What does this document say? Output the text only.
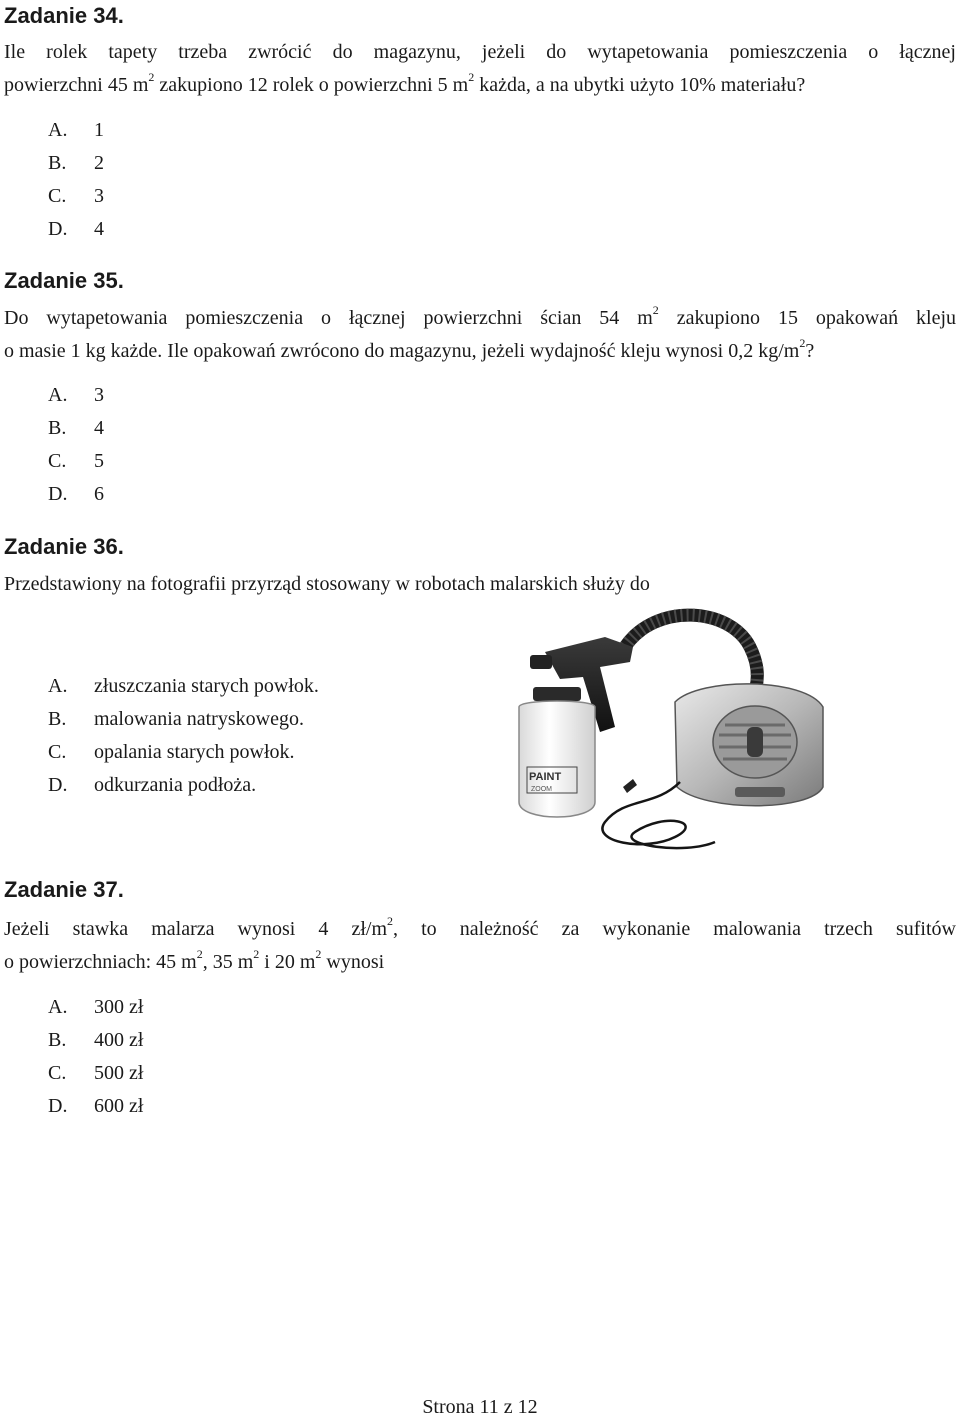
Zadanie 34.
Ile rolek tapety trzeba zwrócić do magazynu, jeżeli do wytapetowania pomieszczenia o łącznej
powierzchni 45 $m^2$ zakupiono 12 rolek o powierzchni 5 $m^2$ każda, a na ubytki użyto 10% materiału?
A. 1
B. 2
C. 3
D. 4
Zadanie 35.
Do wytapetowania pomieszczenia o łącznej powierzchni ścian 54 $m^2$ zakupiono 15 opakowań kleju
o masie 1 kg każde. Ile opakowań zwrócono do magazynu, jeżeli wydajność kleju wynosi 0,2 $kg/m^2$?
A. 3
B. 4
C. 5
D. 6
Zadanie 36.
Przedstawiony na fotografii przyrząd stosowany w robotach malarskich służy do
A. złuszczania starych powłok.
B. malowania natryskowego.
C. opalania starych powłok.
D. odkurzania podłoża.	PAINT
ZOOM
Zadanie 37.
Jeżeli stawka malarza wynosi 4 $zł/m^2$, to należność za wykonanie malowania trzech sufitów
o powierzchniach: 45 $m^2$, 35 $m^2$ i 20 $m^2$ wynosi
A. 300 zł
B. 400 zł
C. 500 zł
D. 600 zł
Strona 11 z 12
